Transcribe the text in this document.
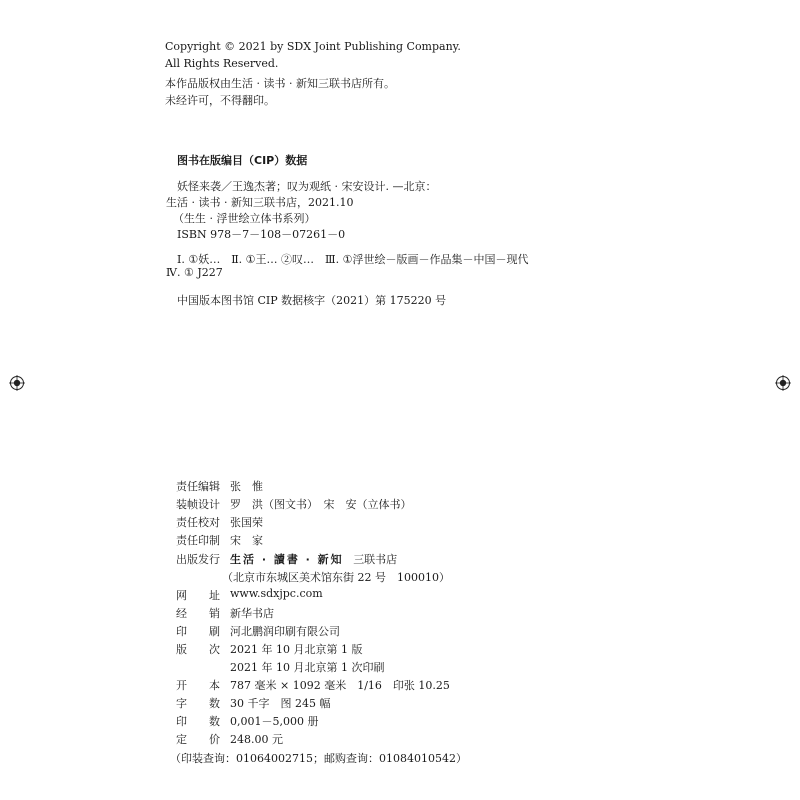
Copyright © 2021 by SDX Joint Publishing Company.
All Rights Reserved.
本作品版权由生活 · 读书 · 新知三联书店所有。
未经许可，不得翻印。
图书在版编目（CIP）数据
妖怪来袭／王逸杰著；叹为观纸 · 宋安设计. —北京：
生活 · 读书 · 新知三联书店，2021.10
（生生 · 浮世绘立体书系列）
ISBN 978－7－108－07261－0
Ⅰ. ①妖…　Ⅱ. ①王… ②叹…　Ⅲ. ①浮世绘－版画－作品集－中国－现代
Ⅳ. ① J227
中国版本图书馆 CIP 数据核字（2021）第 175220 号
责任编辑 张　惟
装帧设计 罗　洪（图文书）　宋　安（立体书）
责任校对 张国荣
责任印制 宋　家
出版发行 生活 · 讀書 · 新知 三联书店
（北京市东城区美术馆东街 22 号　100010）
网　　址 www.sdxjpc.com
经　　销 新华书店
印　　刷 河北鹏润印刷有限公司
版　　次 2021 年 10 月北京第 1 版
2021 年 10 月北京第 1 次印刷
开　　本 787 毫米 × 1092 毫米　1/16　印张 10.25
字　　数 30 千字　图 245 幅
印　　数 0,001－5,000 册
定　　价 248.00 元
（印装查询：01064002715；邮购查询：01084010542）
